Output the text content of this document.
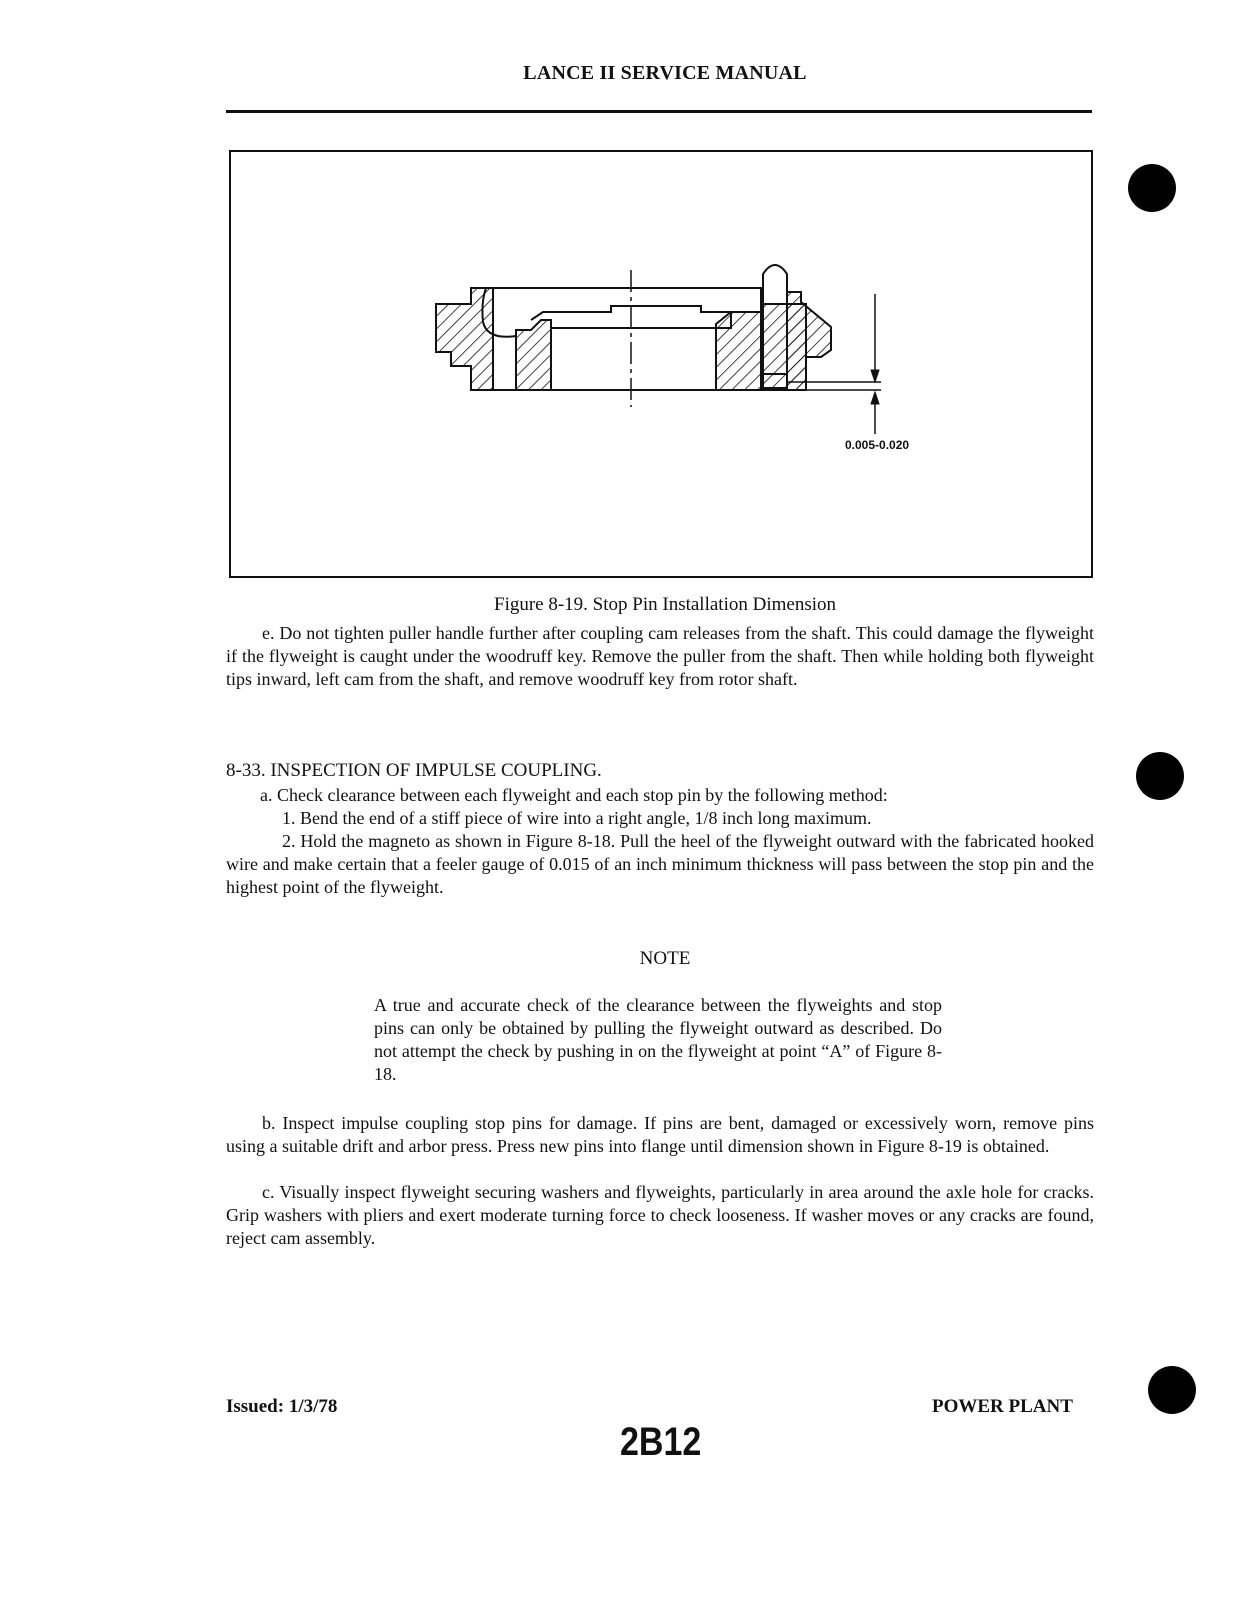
LANCE II SERVICE MANUAL
0.005-0.020
Figure 8-19. Stop Pin Installation Dimension
e. Do not tighten puller handle further after coupling cam releases from the shaft. This could damage the flyweight if the flyweight is caught under the woodruff key. Remove the puller from the shaft. Then while holding both flyweight tips inward, left cam from the shaft, and remove woodruff key from rotor shaft.
8-33. INSPECTION OF IMPULSE COUPLING.
a. Check clearance between each flyweight and each stop pin by the following method:
1. Bend the end of a stiff piece of wire into a right angle, 1/8 inch long maximum.
2. Hold the magneto as shown in Figure 8-18. Pull the heel of the flyweight outward with the fabricated hooked wire and make certain that a feeler gauge of 0.015 of an inch minimum thickness will pass between the stop pin and the highest point of the flyweight.
NOTE
A true and accurate check of the clearance between the flyweights and stop pins can only be obtained by pulling the flyweight outward as described. Do not attempt the check by pushing in on the flyweight at point “A” of Figure 8-18.
b. Inspect impulse coupling stop pins for damage. If pins are bent, damaged or excessively worn, remove pins using a suitable drift and arbor press. Press new pins into flange until dimension shown in Figure 8-19 is obtained.
c. Visually inspect flyweight securing washers and flyweights, particularly in area around the axle hole for cracks. Grip washers with pliers and exert moderate turning force to check looseness. If washer moves or any cracks are found, reject cam assembly.
Issued: 1/3/78	POWER PLANT
2B12
